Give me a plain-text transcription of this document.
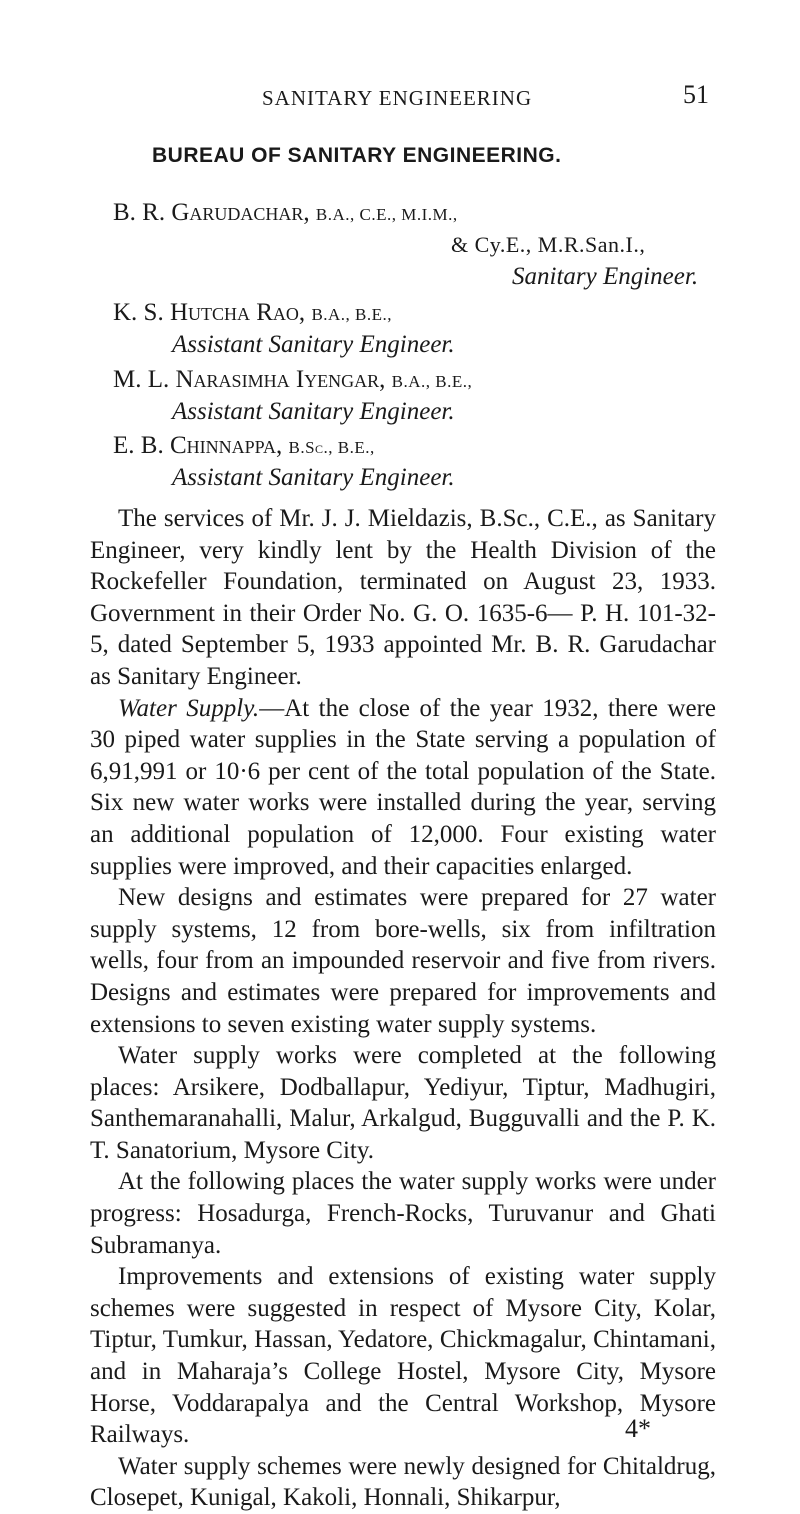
SANITARY ENGINEERING	51
BUREAU OF SANITARY ENGINEERING.
B. R. Garudachar, B.A., C.E., M.I.M.,
& Cy.E., M.R.San.I.,
Sanitary Engineer.
K. S. Hutcha Rao, B.A., B.E.,
Assistant Sanitary Engineer.
M. L. Narasimha Iyengar, B.A., B.E.,
Assistant Sanitary Engineer.
E. B. Chinnappa, B.Sc., B.E.,
Assistant Sanitary Engineer.

The services of Mr. J. J. Mieldazis, B.Sc., C.E., as Sanitary Engineer, very kindly lent by the Health Division of the Rockefeller Foundation, terminated on August 23, 1933. Government in their Order No. G. O. 1635-6— P. H. 101-32-5, dated September 5, 1933 appointed Mr. B. R. Garudachar as Sanitary Engineer.

Water Supply.—At the close of the year 1932, there were 30 piped water supplies in the State serving a population of 6,91,991 or 10·6 per cent of the total population of the State. Six new water works were installed during the year, serving an additional population of 12,000. Four existing water supplies were improved, and their capacities enlarged.

New designs and estimates were prepared for 27 water supply systems, 12 from bore-wells, six from infiltration wells, four from an impounded reservoir and five from rivers. Designs and estimates were prepared for improvements and extensions to seven existing water supply systems.

Water supply works were completed at the following places: Arsikere, Dodballapur, Yediyur, Tiptur, Madhugiri, Santhemaranahalli, Malur, Arkalgud, Bugguvalli and the P. K. T. Sanatorium, Mysore City.

At the following places the water supply works were under progress: Hosadurga, French-Rocks, Turuvanur and Ghati Subramanya.

Improvements and extensions of existing water supply schemes were suggested in respect of Mysore City, Kolar, Tiptur, Tumkur, Hassan, Yedatore, Chickmagalur, Chintamani, and in Maharaja’s College Hostel, Mysore City, Mysore Horse, Voddarapalya and the Central Workshop, Mysore Railways.

Water supply schemes were newly designed for Chitaldrug, Closepet, Kunigal, Kakoli, Honnali, Shikarpur,

4*
